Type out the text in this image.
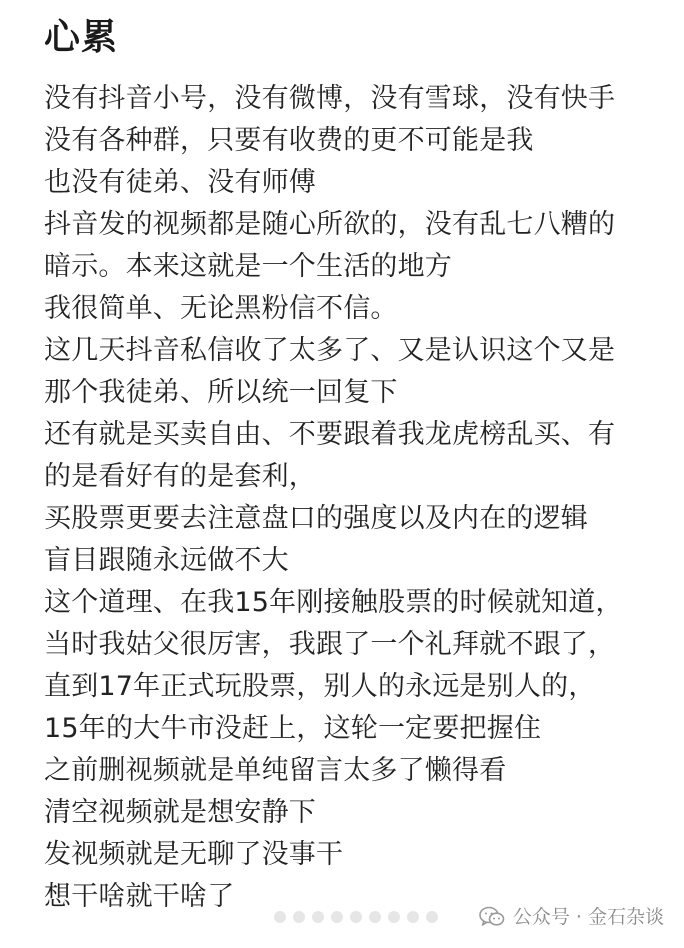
心累
没有抖音小号，没有微博，没有雪球，没有快手
没有各种群，只要有收费的更不可能是我
也没有徒弟、没有师傅
抖音发的视频都是随心所欲的，没有乱七八糟的
暗示。本来这就是一个生活的地方
我很简单、无论黑粉信不信。
这几天抖音私信收了太多了、又是认识这个又是
那个我徒弟、所以统一回复下
还有就是买卖自由、不要跟着我龙虎榜乱买、有
的是看好有的是套利，
买股票更要去注意盘口的强度以及内在的逻辑
盲目跟随永远做不大
这个道理、在我15年刚接触股票的时候就知道，
当时我姑父很厉害，我跟了一个礼拜就不跟了，
直到17年正式玩股票，别人的永远是别人的，
15年的大牛市没赶上，这轮一定要把握住
之前删视频就是单纯留言太多了懒得看
清空视频就是想安静下
发视频就是无聊了没事干
想干啥就干啥了
公众号 · 金石杂谈
